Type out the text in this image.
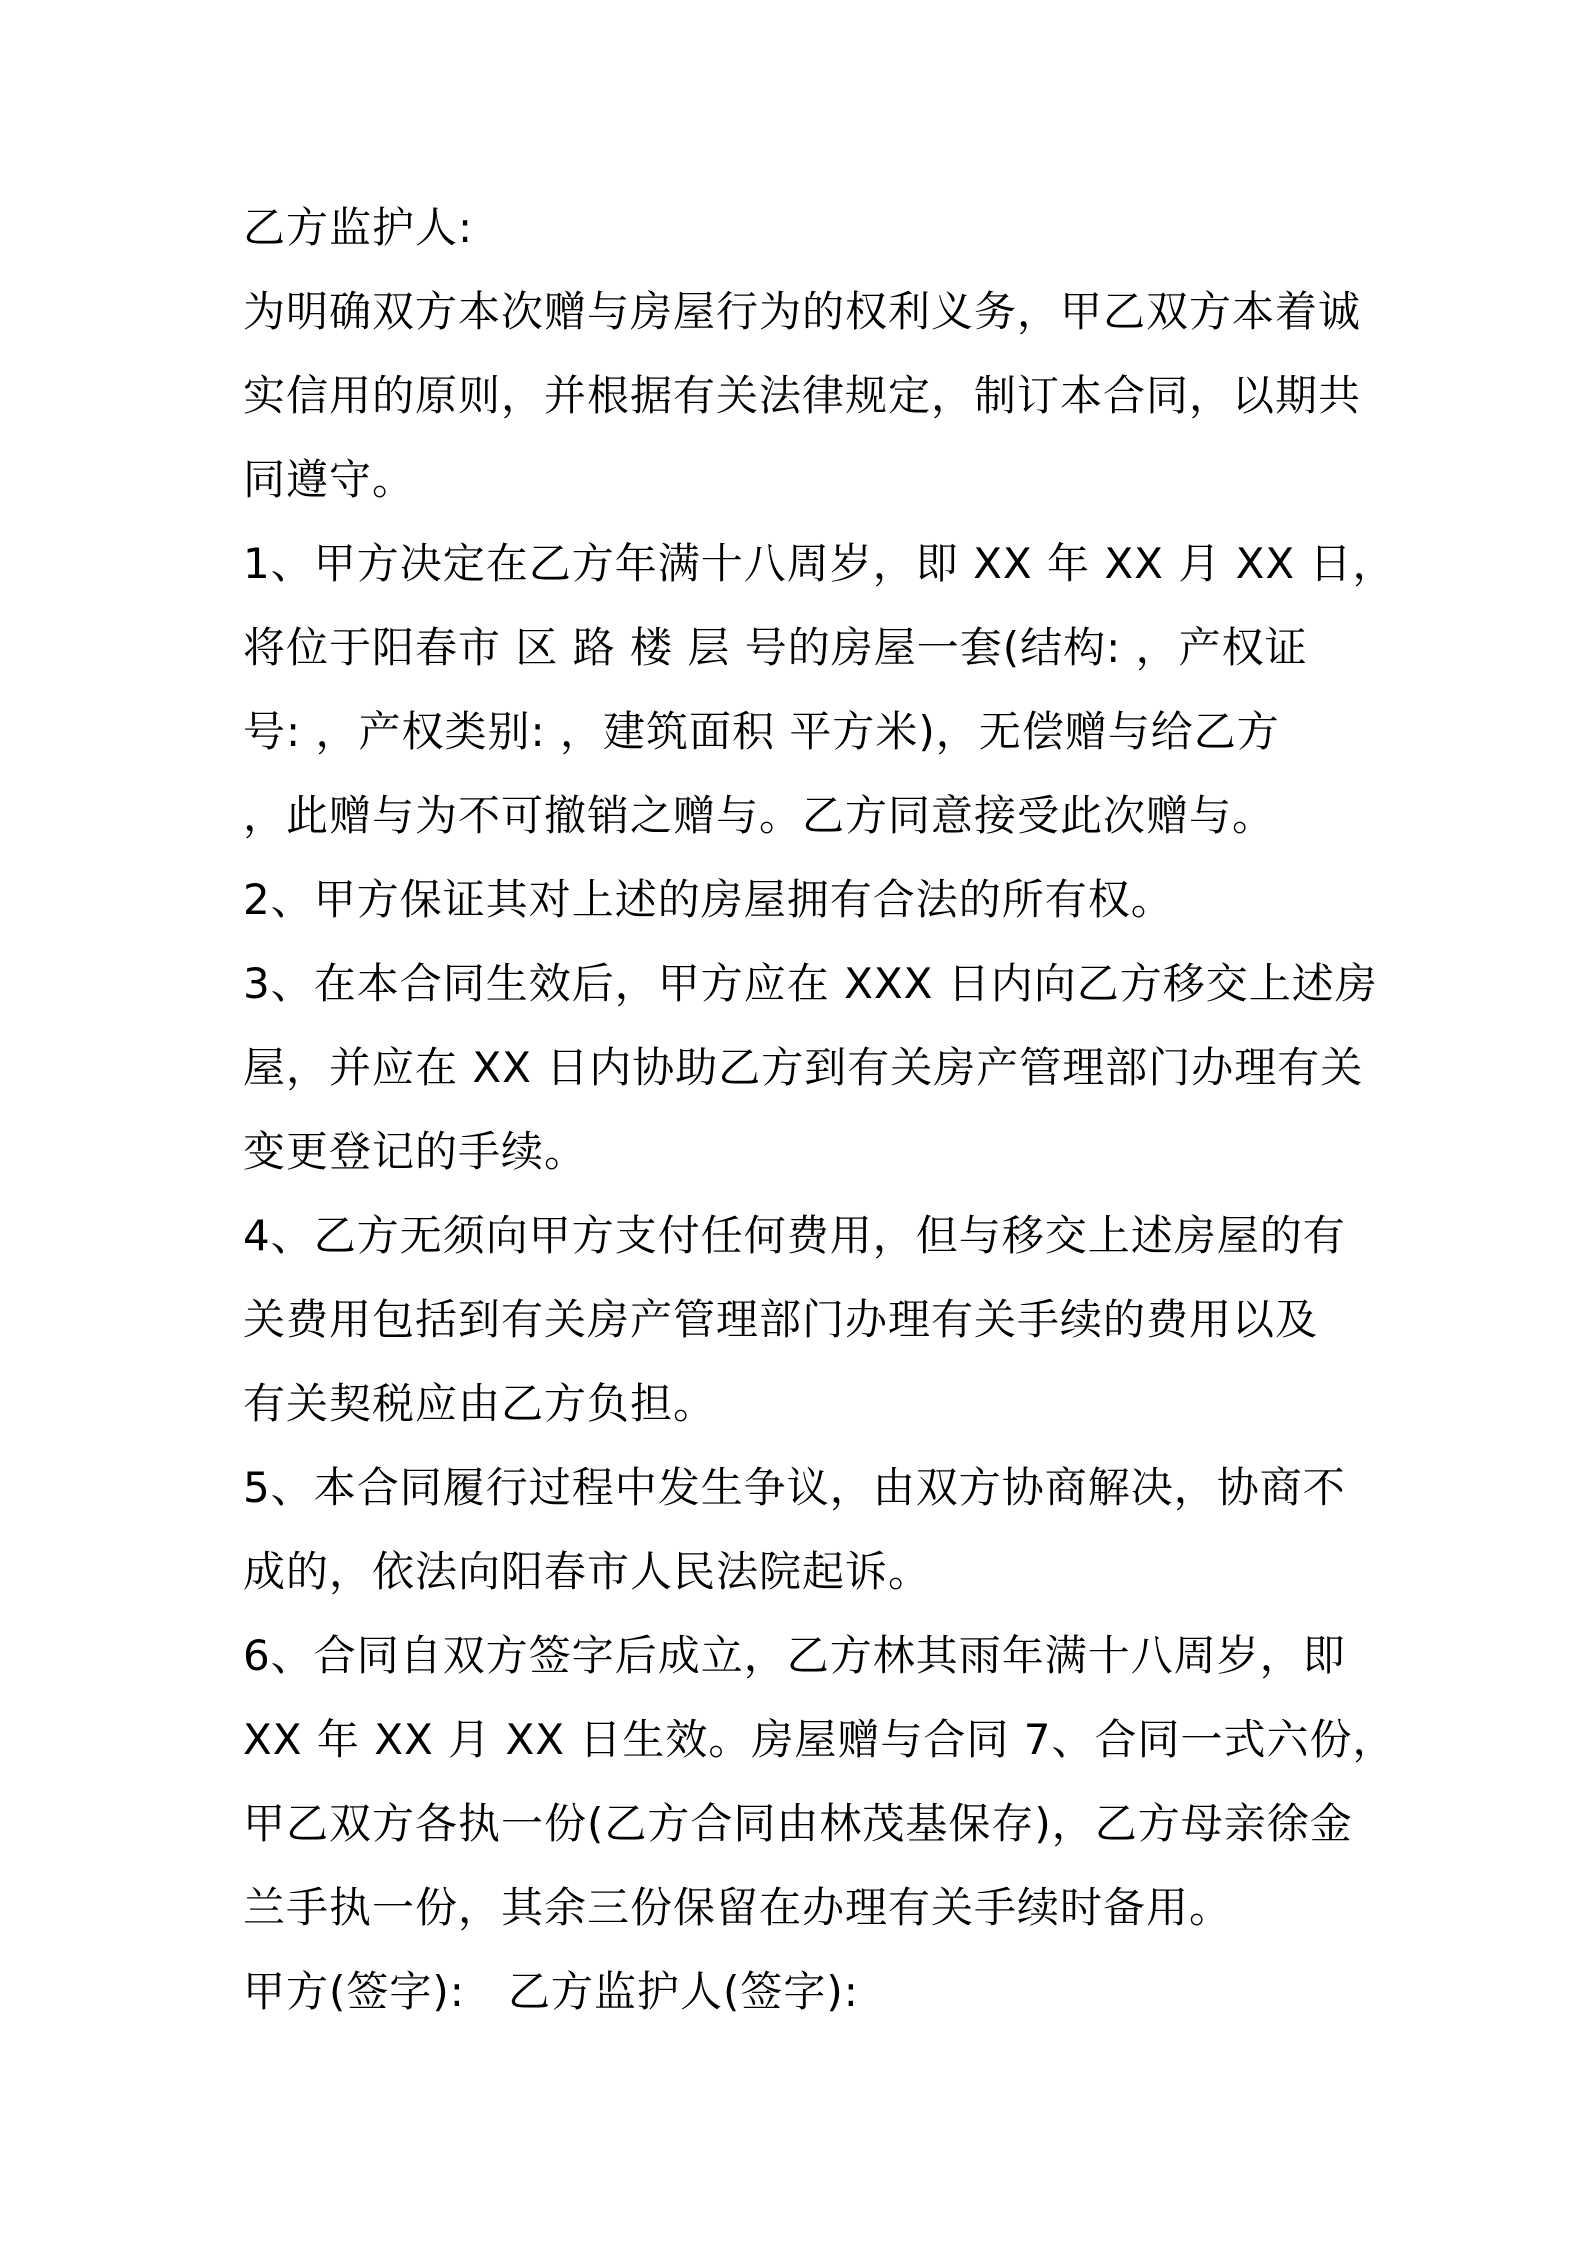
乙方监护人:

为明确双方本次赠与房屋行为的权利义务，甲乙双方本着诚
实信用的原则，并根据有关法律规定，制订本合同，以期共
同遵守。

1、甲方决定在乙方年满十八周岁，即 XX 年 XX 月 XX 日，
将位于阳春市 区 路 楼 层 号的房屋一套(结构: ，产权证
号: ，产权类别: ，建筑面积 平方米)，无偿赠与给乙方
，此赠与为不可撤销之赠与。乙方同意接受此次赠与。

2、甲方保证其对上述的房屋拥有合法的所有权。

3、在本合同生效后，甲方应在 XXX 日内向乙方移交上述房
屋，并应在 XX 日内协助乙方到有关房产管理部门办理有关
变更登记的手续。

4、乙方无须向甲方支付任何费用，但与移交上述房屋的有
关费用包括到有关房产管理部门办理有关手续的费用以及
有关契税应由乙方负担。

5、本合同履行过程中发生争议，由双方协商解决，协商不
成的，依法向阳春市人民法院起诉。

6、合同自双方签字后成立，乙方林其雨年满十八周岁，即
XX 年 XX 月 XX 日生效。房屋赠与合同 7、合同一式六份，
甲乙双方各执一份(乙方合同由林茂基保存)，乙方母亲徐金
兰手执一份，其余三份保留在办理有关手续时备用。

甲方(签字):   乙方监护人(签字):
